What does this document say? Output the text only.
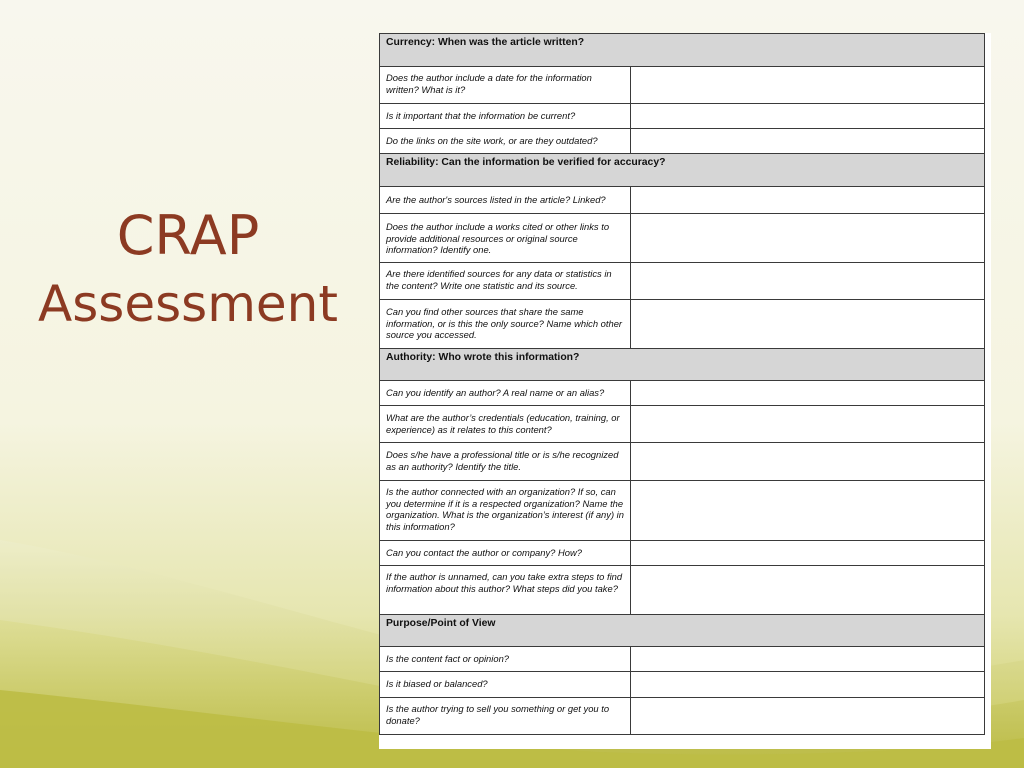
CRAP
Assessment
Currency: When was the article written?	
Does the author include a date for the information written? What is it?	
Is it important that the information be current?	
Do the links on the site work, or are they outdated?	
Reliability: Can the information be verified for accuracy?	
Are the author's sources listed in the article? Linked?	
Does the author include a works cited or other links to provide additional resources or original source information? Identify one.	
Are there identified sources for any data or statistics in the content? Write one statistic and its source.	
Can you find other sources that share the same information, or is this the only source? Name which other source you accessed.	
Authority: Who wrote this information?	
Can you identify an author? A real name or an alias?	
What are the author’s credentials (education, training, or experience) as it relates to this content?	
Does s/he have a professional title or is s/he recognized as an authority? Identify the title.	
Is the author connected with an organization? If so, can you determine if it is a respected organization? Name the organization. What is the organization’s interest (if any) in this information?	
Can you contact the author or company? How?	
If the author is unnamed, can you take extra steps to find information about this author? What steps did you take?	
Purpose/Point of View	
Is the content fact or opinion?	
Is it biased or balanced?	
Is the author trying to sell you something or get you to donate?	
